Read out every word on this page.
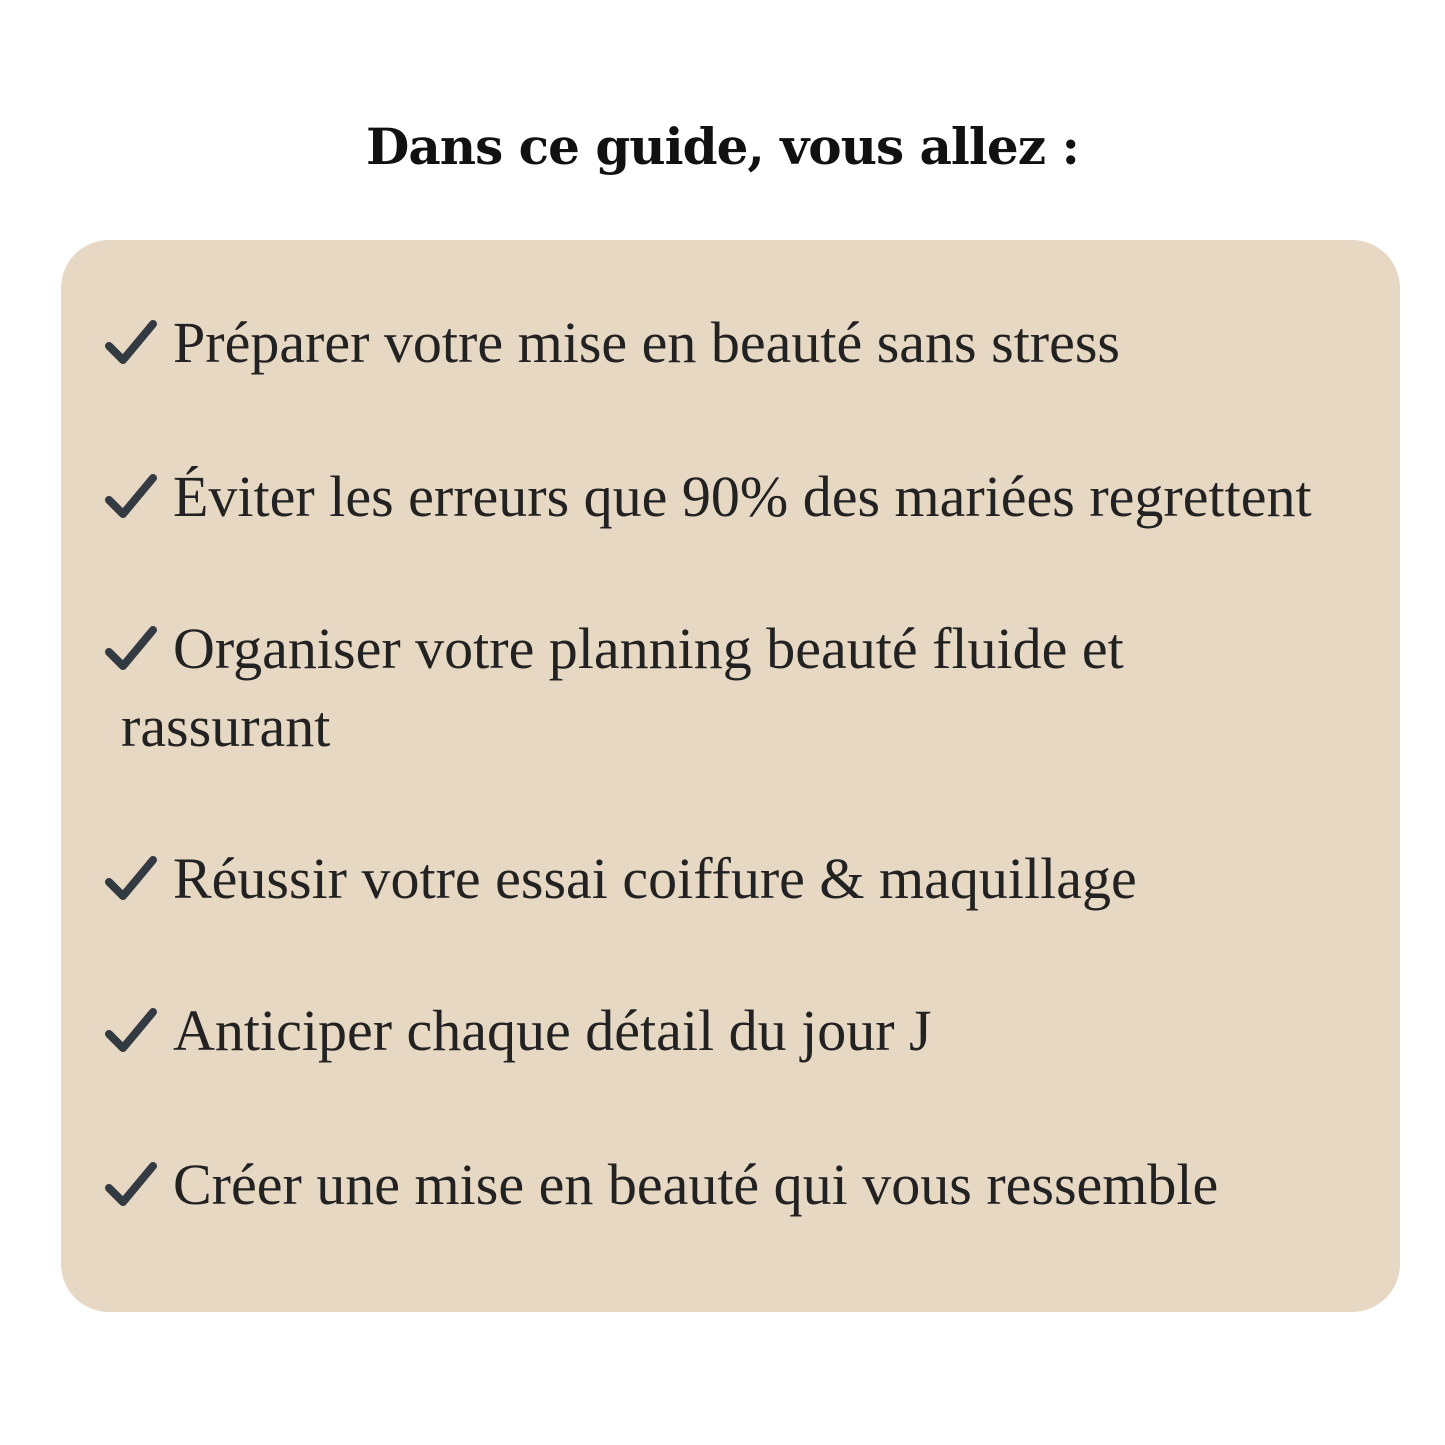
Dans ce guide, vous allez :
Préparer votre mise en beauté sans stress
Éviter les erreurs que 90% des mariées regrettent
Organiser votre planning beauté fluide et
rassurant
Réussir votre essai coiffure & maquillage
Anticiper chaque détail du jour J
Créer une mise en beauté qui vous ressemble
